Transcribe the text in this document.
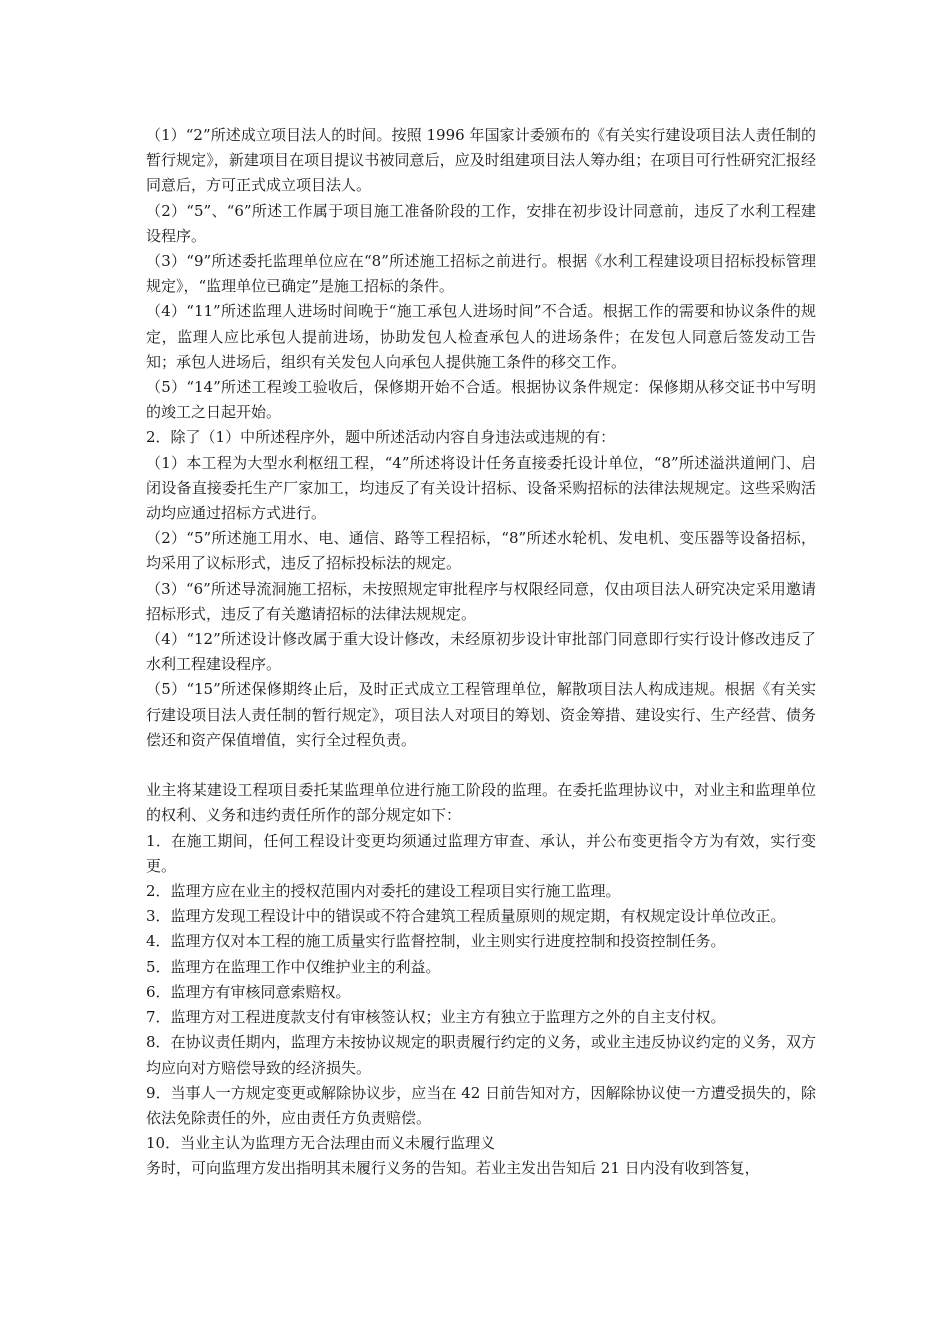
（1）“2”所述成立项目法人的时间。按照 1996 年国家计委颁布的《有关实行建设项目法人责任制的暂行规定》，新建项目在项目提议书被同意后，应及时组建项目法人筹办组；在项目可行性研究汇报经同意后，方可正式成立项目法人。

（2）“5”、“6”所述工作属于项目施工准备阶段的工作，安排在初步设计同意前，违反了水利工程建设程序。

（3）“9”所述委托监理单位应在“8”所述施工招标之前进行。根据《水利工程建设项目招标投标管理规定》，“监理单位已确定”是施工招标的条件。

（4）“11”所述监理人进场时间晚于“施工承包人进场时间”不合适。根据工作的需要和协议条件的规定，监理人应比承包人提前进场，协助发包人检查承包人的进场条件；在发包人同意后签发动工告知；承包人进场后，组织有关发包人向承包人提供施工条件的移交工作。

（5）“14”所述工程竣工验收后，保修期开始不合适。根据协议条件规定：保修期从移交证书中写明的竣工之日起开始。

2．除了（1）中所述程序外，题中所述活动内容自身违法或违规的有：

（1）本工程为大型水利枢纽工程，“4”所述将设计任务直接委托设计单位，“8”所述溢洪道闸门、启闭设备直接委托生产厂家加工，均违反了有关设计招标、设备采购招标的法律法规规定。这些采购活动均应通过招标方式进行。

（2）“5”所述施工用水、电、通信、路等工程招标，“8”所述水轮机、发电机、变压器等设备招标，均采用了议标形式，违反了招标投标法的规定。

（3）“6”所述导流洞施工招标，未按照规定审批程序与权限经同意，仅由项目法人研究决定采用邀请招标形式，违反了有关邀请招标的法律法规规定。

（4）“12”所述设计修改属于重大设计修改，未经原初步设计审批部门同意即行实行设计修改违反了水利工程建设程序。

（5）“15”所述保修期终止后，及时正式成立工程管理单位，解散项目法人构成违规。根据《有关实行建设项目法人责任制的暂行规定》，项目法人对项目的筹划、资金筹措、建设实行、生产经营、债务偿还和资产保值增值，实行全过程负责。

业主将某建设工程项目委托某监理单位进行施工阶段的监理。在委托监理协议中，对业主和监理单位的权利、义务和违约责任所作的部分规定如下：

1．在施工期间，任何工程设计变更均须通过监理方审查、承认，并公布变更指令方为有效，实行变更。

2．监理方应在业主的授权范围内对委托的建设工程项目实行施工监理。

3．监理方发现工程设计中的错误或不符合建筑工程质量原则的规定期，有权规定设计单位改正。

4．监理方仅对本工程的施工质量实行监督控制，业主则实行进度控制和投资控制任务。

5．监理方在监理工作中仅维护业主的利益。

6．监理方有审核同意索赔权。

7．监理方对工程进度款支付有审核签认权；业主方有独立于监理方之外的自主支付权。

8．在协议责任期内，监理方未按协议规定的职责履行约定的义务，或业主违反协议约定的义务，双方均应向对方赔偿导致的经济损失。

9．当事人一方规定变更或解除协议步，应当在 42 日前告知对方，因解除协议使一方遭受损失的，除依法免除责任的外，应由责任方负责赔偿。

10．当业主认为监理方无合法理由而义未履行监理义

务时，可向监理方发出指明其未履行义务的告知。若业主发出告知后 21 日内没有收到答复，
